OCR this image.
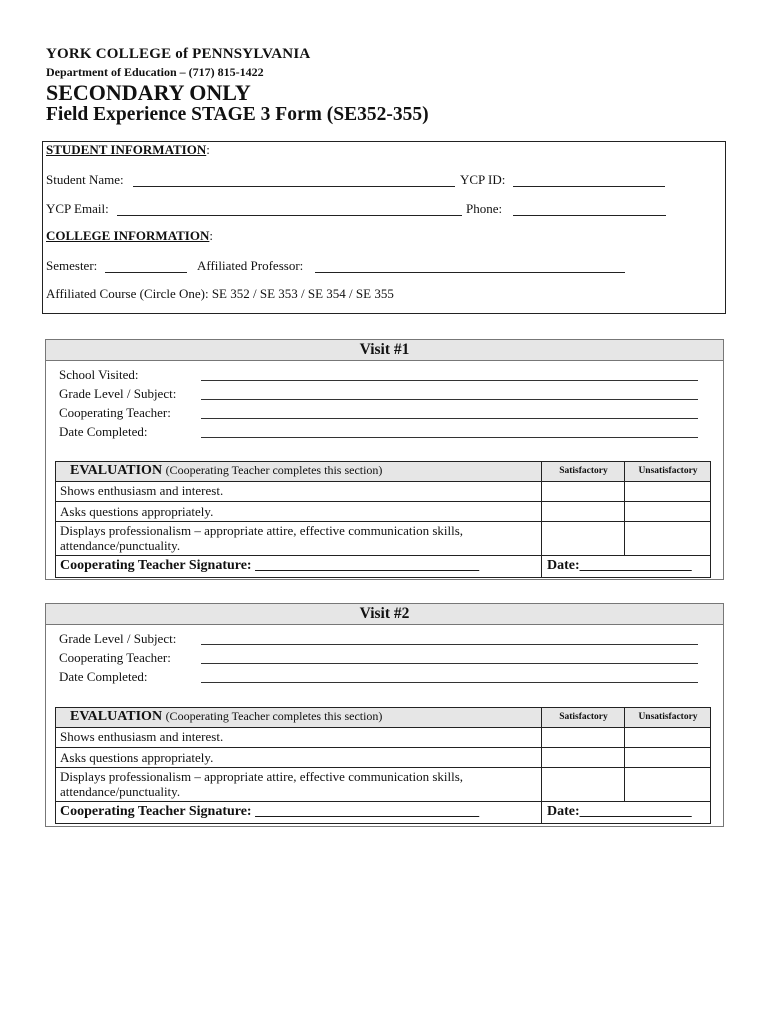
YORK COLLEGE of PENNSYLVANIA
Department of Education – (717) 815-1422
SECONDARY ONLY
Field Experience STAGE 3 Form (SE352-355)
STUDENT INFORMATION:
Student Name:	YCP ID:
YCP Email:	Phone:
COLLEGE INFORMATION:
Semester:	Affiliated Professor:
Affiliated Course (Circle One): SE 352 / SE 353 / SE 354 / SE 355
Visit #1
School Visited:
Grade Level / Subject:
Cooperating Teacher:
Date Completed:
EVALUATION (Cooperating Teacher completes this section)	Satisfactory	Unsatisfactory
Shows enthusiasm and interest.
Asks questions appropriately.
Displays professionalism – appropriate attire, effective communication skills, attendance/punctuality.
Cooperating Teacher Signature: ________________________________	Date:________________
Visit #2
Grade Level / Subject:
Cooperating Teacher:
Date Completed:
EVALUATION (Cooperating Teacher completes this section)	Satisfactory	Unsatisfactory
Shows enthusiasm and interest.
Asks questions appropriately.
Displays professionalism – appropriate attire, effective communication skills, attendance/punctuality.
Cooperating Teacher Signature: ________________________________	Date:________________
